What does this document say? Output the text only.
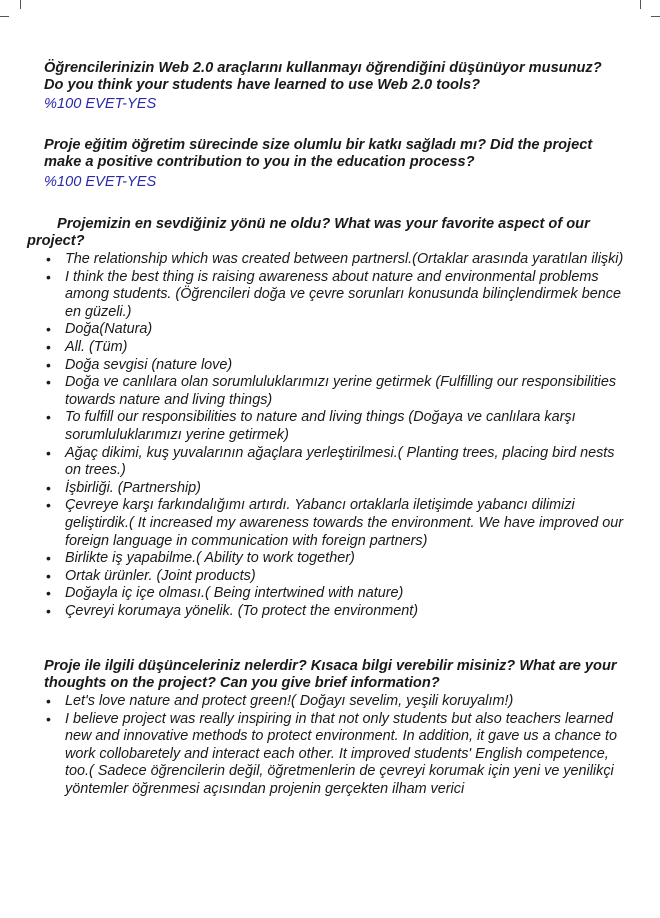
Öğrencilerinizin Web 2.0 araçlarını kullanmayı öğrendiğini düşünüyor musunuz? Do you think your students have learned to use Web 2.0 tools?

%100 EVET-YES

Proje eğitim öğretim sürecinde size olumlu bir katkı sağladı mı? Did the project make a positive contribution to you in the education process?

%100 EVET-YES

Projemizin en sevdiğiniz yönü ne oldu? What was your favorite aspect of our project?

• The relationship which was created between partnersl.(Ortaklar arasında yaratılan ilişki)
• I think the best thing is raising awareness about nature and environmental problems among students. (Öğrencileri doğa ve çevre sorunları konusunda bilinçlendirmek bence en güzeli.)
• Doğa(Natura)
• All. (Tüm)
• Doğa sevgisi (nature love)
• Doğa ve canlılara olan sorumluluklarımızı yerine getirmek (Fulfilling our responsibilities towards nature and living things)
• To fulfill our responsibilities to nature and living things (Doğaya ve canlılara karşı sorumluluklarımızı yerine getirmek)
• Ağaç dikimi, kuş yuvalarının ağaçlara yerleştirilmesi.( Planting trees, placing bird nests on trees.)
• İşbirliği. (Partnership)
• Çevreye karşı farkındalığımı artırdı. Yabancı ortaklarla iletişimde yabancı dilimizi geliştirdik.( It increased my awareness towards the environment. We have improved our foreign language in communication with foreign partners)
• Birlikte iş yapabilme.( Ability to work together)
• Ortak ürünler. (Joint products)
• Doğayla iç içe olması.( Being intertwined with nature)
• Çevreyi korumaya yönelik. (To protect the environment)

Proje ile ilgili düşünceleriniz nelerdir? Kısaca bilgi verebilir misiniz? What are your thoughts on the project? Can you give brief information?

• Let's love nature and protect green!( Doğayı sevelim, yeşili koruyalım!)
• I believe project was really inspiring in that not only students but also teachers learned new and innovative methods to protect environment. In addition, it gave us a chance to work collobaretely and interact each other. It improved students' English competence, too.( Sadece öğrencilerin değil, öğretmenlerin de çevreyi korumak için yeni ve yenilikçi yöntemler öğrenmesi açısından projenin gerçekten ilham verici
